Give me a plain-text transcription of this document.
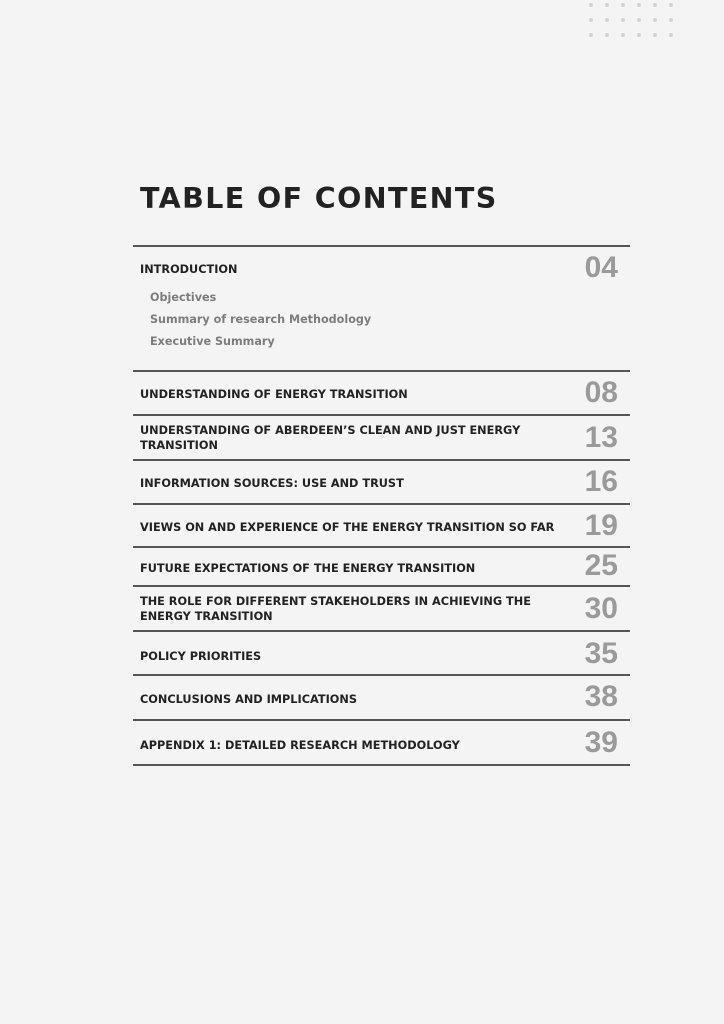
TABLE OF CONTENTS
INTRODUCTION	04
Objectives
Summary of research Methodology
Executive Summary
UNDERSTANDING OF ENERGY TRANSITION	08
UNDERSTANDING OF ABERDEEN’S CLEAN AND JUST ENERGY TRANSITION	13
INFORMATION SOURCES: USE AND TRUST	16
VIEWS ON AND EXPERIENCE OF THE ENERGY TRANSITION SO FAR 19
FUTURE EXPECTATIONS OF THE ENERGY TRANSITION	25
THE ROLE FOR DIFFERENT STAKEHOLDERS IN ACHIEVING THE ENERGY TRANSITION	30
POLICY PRIORITIES	35
CONCLUSIONS AND IMPLICATIONS	38
APPENDIX 1: DETAILED RESEARCH METHODOLOGY	39
